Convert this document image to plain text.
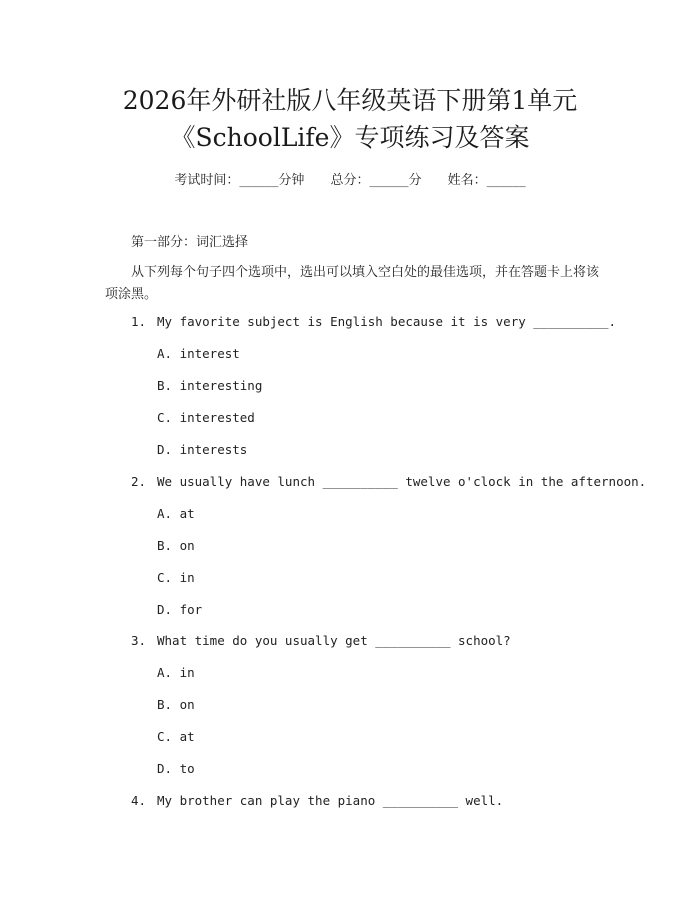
2026年外研社版八年级英语下册第1单元
《SchoolLife》专项练习及答案
考试时间：______分钟 总分：______分 姓名：______
第一部分：词汇选择
从下列每个句子四个选项中，选出可以填入空白处的最佳选项，并在答题卡上将该项涂黑。
1. My favorite subject is English because it is very __________.
A. interest
B. interesting
C. interested
D. interests
2. We usually have lunch __________ twelve o'clock in the afternoon.
A. at
B. on
C. in
D. for
3. What time do you usually get __________ school?
A. in
B. on
C. at
D. to
4. My brother can play the piano __________ well.
